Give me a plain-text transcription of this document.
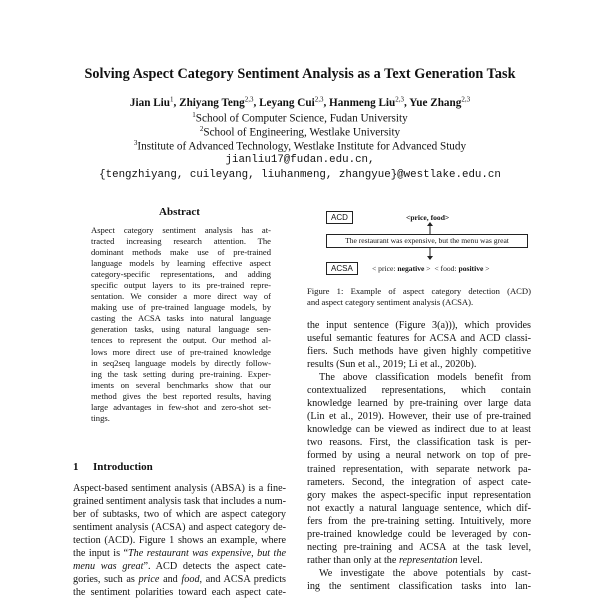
Solving Aspect Category Sentiment Analysis as a Text Generation Task
Jian Liu$^1$, Zhiyang Teng$^{2,3}$, Leyang Cui$^{2,3}$, Hanmeng Liu$^{2,3}$, Yue Zhang$^{2,3}$
$^1$School of Computer Science, Fudan University
$^2$School of Engineering, Westlake University
$^3$Institute of Advanced Technology, Westlake Institute for Advanced Study
jianliu17@fudan.edu.cn,
{tengzhiyang, cuileyang, liuhanmeng, zhangyue}@westlake.edu.cn
Abstract
Aspect category sentiment analysis has at-
tracted increasing research attention. The
dominant methods make use of pre-trained
language models by learning effective aspect
category-specific representations, and adding
specific output layers to its pre-trained repre-
sentation. We consider a more direct way of
making use of pre-trained language models, by
casting the ACSA tasks into natural language
generation tasks, using natural language sen-
tences to represent the output. Our method al-
lows more direct use of pre-trained knowledge
in seq2seq language models by directly follow-
ing the task setting during pre-training. Exper-
iments on several benchmarks show that our
method gives the best reported results, having
large advantages in few-shot and zero-shot set-
tings.
1 Introduction
Aspect-based sentiment analysis (ABSA) is a fine-
grained sentiment analysis task that includes a num-
ber of subtasks, two of which are aspect category
sentiment analysis (ACSA) and aspect category de-
tection (ACD). Figure 1 shows an example, where
the input is “The restaurant was expensive, but the
menu was great”. ACD detects the aspect cate-
gories, such as price and food, and ACSA predicts
the sentiment polarities toward each aspect cate-
ACD	<price, food>
The restaurant was expensive, but the menu was great
ACSA	< price: negative > < food: positive >
Figure 1: Example of aspect category detection (ACD)
and aspect category sentiment analysis (ACSA).
the input sentence (Figure 3(a))), which provides
useful semantic features for ACSA and ACD classi-
fiers. Such methods have given highly competitive
results (Sun et al., 2019; Li et al., 2020b).
The above classification models benefit from
contextualized representations, which contain
knowledge learned by pre-training over large data
(Lin et al., 2019). However, their use of pre-trained
knowledge can be viewed as indirect due to at least
two reasons. First, the classification task is per-
formed by using a neural network on top of pre-
trained representation, with separate network pa-
rameters. Second, the integration of aspect cate-
gory makes the aspect-specific input representation
not exactly a natural language sentence, which dif-
fers from the pre-training setting. Intuitively, more
pre-trained knowledge could be leveraged by con-
necting pre-training and ACSA at the task level,
rather than only at the representation level.
We investigate the above potentials by cast-
ing the sentiment classification tasks into lan-
